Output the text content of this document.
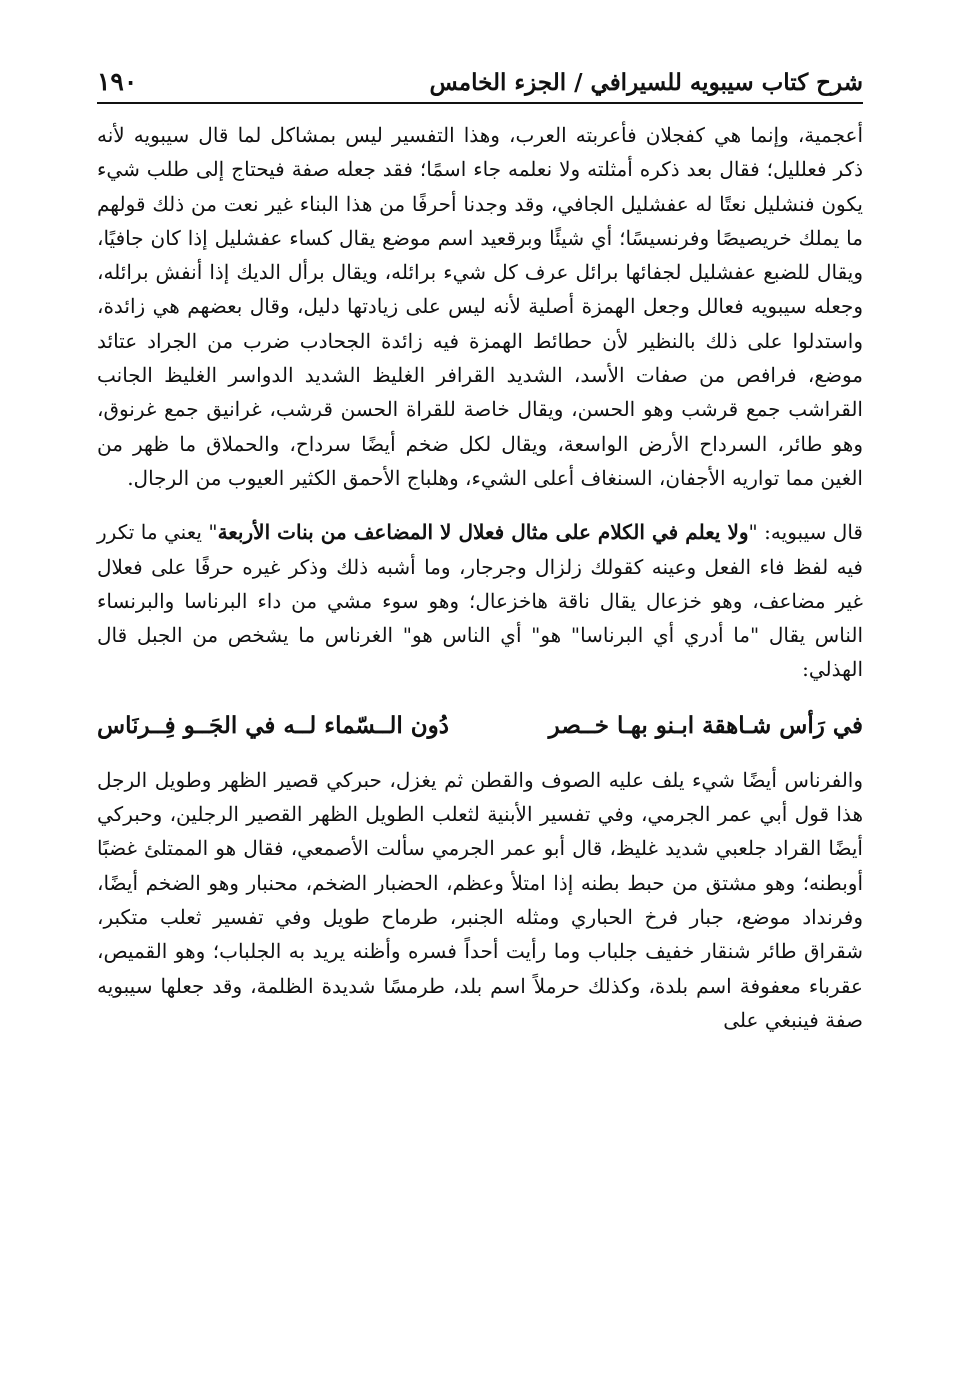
١٩٠	شرح كتاب سيبويه للسيرافي / الجزء الخامس

أعجمية، وإنما هي كفجلان فأعربته العرب، وهذا التفسير ليس بمشاكل لما قال سيبويه لأنه ذكر فعلليل؛ فقال بعد ذكره أمثلته ولا نعلمه جاء اسمًا؛ فقد جعله صفة فيحتاج إلى طلب شيء يكون فنشليل نعتًا له عفشليل الجافي، وقد وجدنا أحرفًا من هذا البناء غير نعت من ذلك قولهم ما يملك خريصيصًا وفرنسيسًا؛ أي شيئًا وبرقعيد اسم موضع يقال كساء عفشليل إذا كان جافيًا، ويقال للضبع عفشليل لجفائها برائل عرف كل شيء برائله، ويقال برأل الديك إذا أنفش برائله، وجعله سيبويه فعالل وجعل الهمزة أصلية لأنه ليس على زيادتها دليل، وقال بعضهم هي زائدة، واستدلوا على ذلك بالنظير لأن حطائط الهمزة فيه زائدة الجحادب ضرب من الجراد عتائد موضع، فرافص من صفات الأسد، الشديد القرافر الغليظ الشديد الدواسر الغليظ الجانب القراشب جمع قرشب وهو الحسن، ويقال خاصة للقراة الحسن قرشب، غرانيق جمع غرنوق، وهو طائر، السرداح الأرض الواسعة، ويقال لكل ضخم أيضًا سرداح، والحملاق ما ظهر من الغين مما تواريه الأجفان، السنغاف أعلى الشيء، وهلباج الأحمق الكثير العيوب من الرجال.

قال سيبويه: "ولا يعلم في الكلام على مثال فعلال لا المضاعف من بنات الأربعة" يعني ما تكرر فيه لفظ فاء الفعل وعينه كقولك زلزال وجرجار، وما أشبه ذلك وذكر غيره حرفًا على فعلال غير مضاعف، وهو خزعال يقال ناقة هاخزعال؛ وهو سوء مشي من داء البرناسا والبرنساء الناس يقال "ما أدري أي البرناسا" هو" أي الناس هو" الغرناس ما يشخص من الجبل قال الهذلي:

في رَأس شـاهقة ابـنو بهـا خــصر
دُون الــسّماء لــه في الجَــو فِــرنَاس

والفرناس أيضًا شيء يلف عليه الصوف والقطن ثم يغزل، حبركي قصير الظهر وطويل الرجل هذا قول أبي عمر الجرمي، وفي تفسير الأبنية لثعلب الطويل الظهر القصير الرجلين، وحبركي أيضًا القراد جلعبي شديد غليظ، قال أبو عمر الجرمي سألت الأصمعي، فقال هو الممتلئ غضبًا أوبطنه؛ وهو مشتق من حبط بطنه إذا امتلأ وعظم، الحضبار الضخم، محنبار وهو الضخم أيضًا، وفرنداد موضع، جبار فرخ الحباري ومثله الجنبر، طرماح طويل وفي تفسير ثعلب متكبر، شقراق طائر شنقار خفيف جلباب وما رأيت أحداً فسره وأظنه يريد به الجلباب؛ وهو القميص، عقرباء معفوفة اسم بلدة، وكذلك حرملاً اسم بلد، طرمسًا شديدة الظلمة، وقد جعلها سيبويه صفة فينبغي على
